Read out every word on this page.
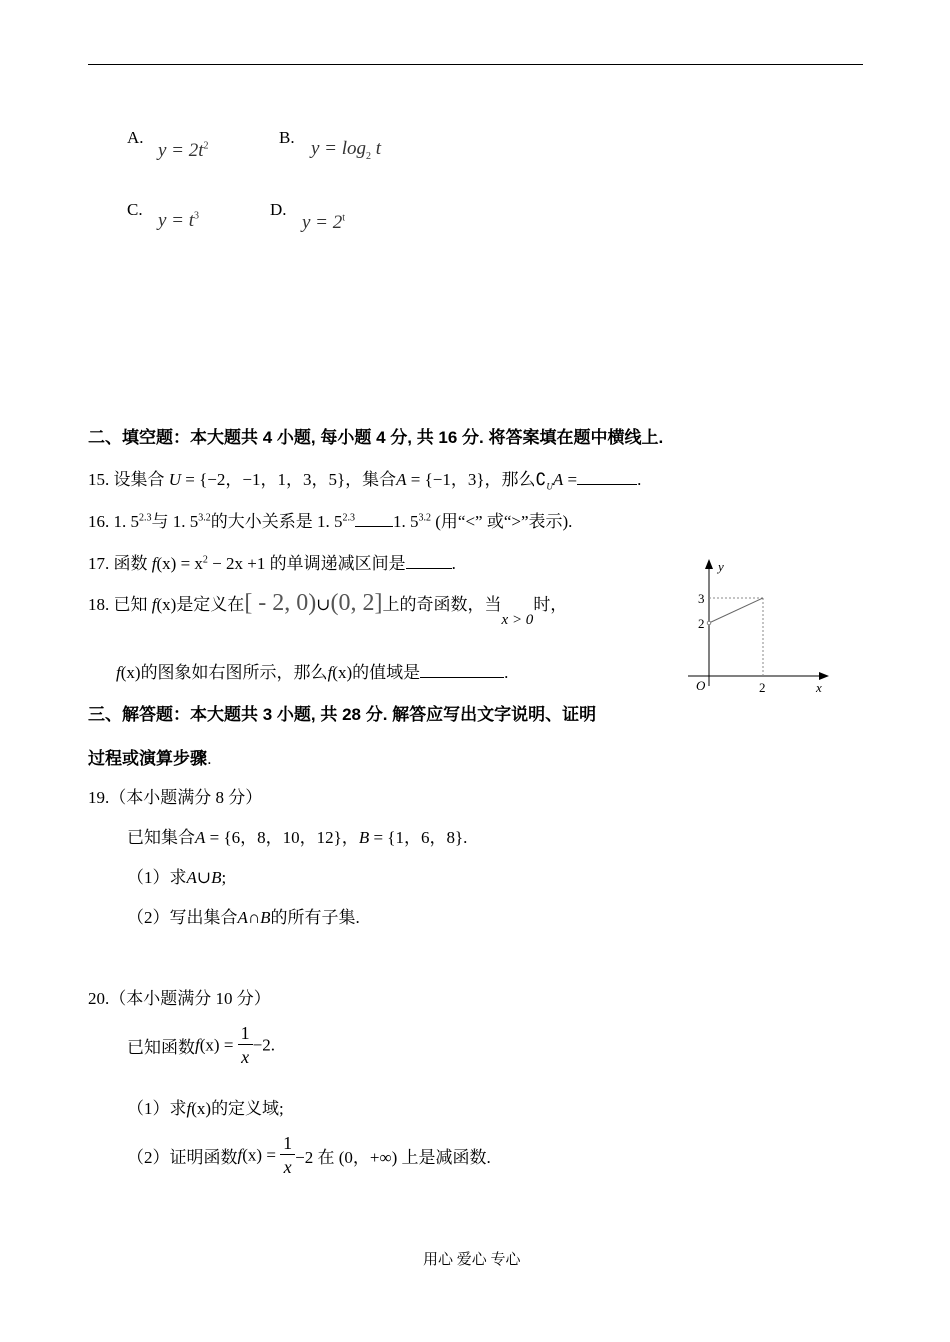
A.
$y = 2t^2$	B.
$y = \log_2 t$
C.
$y = t^3$	D.
$y = 2^t$
二、填空题：本大题共 4 小题, 每小题 4 分, 共 16 分. 将答案填在题中横线上.
15. 设集合 U = {−2，−1，1，3，5}，集合A = {−1，3}，那么$∁_UA$ =	.
16. 1. $5^{2.3}$与 1. $5^{3.2}$的大小关系是 1. $5^{2.3}$ 1. $5^{3.2}$ (用“<” 或“>”表示).
17. 函数 $f(x) = x^2 - 2x +1$ 的单调递减区间是	.
18. 已知 f(x)是定义在[ - 2, 0)∪(0, 2]上的奇函数，当x > 0时，
f(x)的图象如右图所示，那么f(x)的值域是	.
y
x
O
3
2
2
三、解答题：本大题共 3 小题, 共 28 分. 解答应写出文字说明、证明
过程或演算步骤.
19.（本小题满分 8 分）
已知集合A = {6，8，10，12}，B = {1，6，8}.
（1）求A∪B;
（2）写出集合A∩B的所有子集.
20.（本小题满分 10 分）
已知函数$f(x) = \frac{1}{x} -2$.
（1）求f(x)的定义域;
（2）证明函数$f(x) = \frac{1}{x} -2$ 在 (0，+∞) 上是减函数.
用心 爱心 专心
